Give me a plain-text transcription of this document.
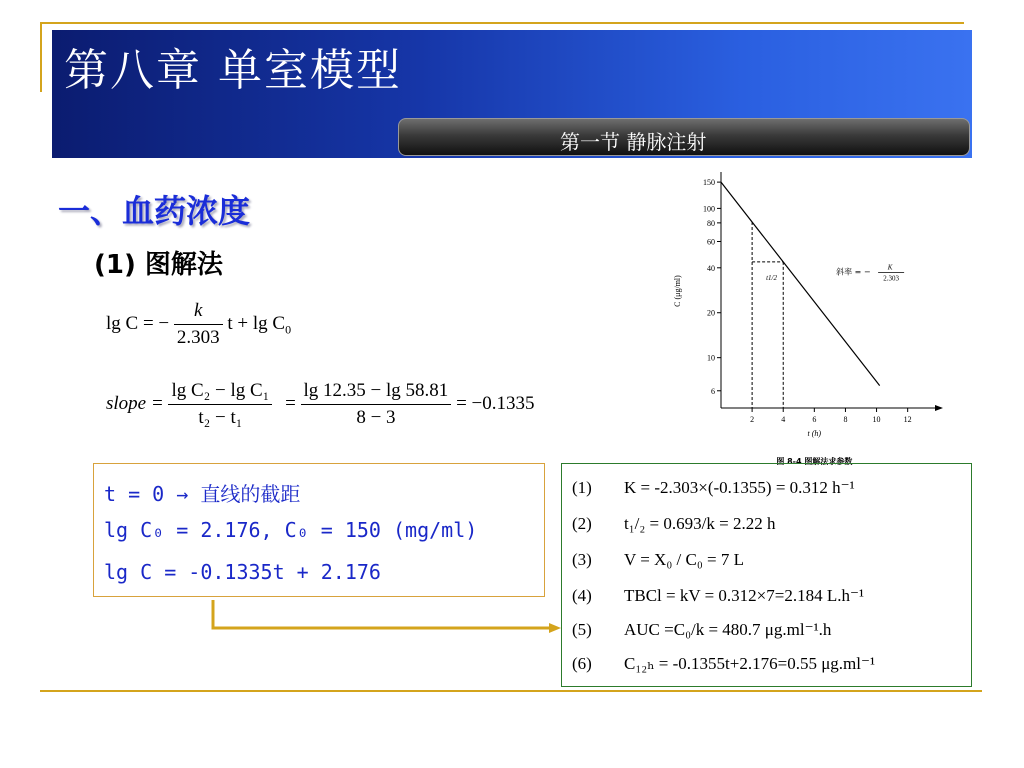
第八章 单室模型
第一节 静脉注射
一、血药浓度
(1) 图解法
lg C = − $\frac{k}{2.303}$ $t + \lg C_0$
slope = $\frac{\text{lg C₂ − lg C₁}}{\text{t₂ − t₁}} = \frac{\lg 12.35 - \lg 58.81}{8 - 3} = -0.1335$
6
10
20
40
60
80
100
150
2	4	6	8	10	12
t (h)
C (μg/ml)	t1/2
斜率 = − K
2.303
图 8-4 图解法求参数
t = 0 → 直线的截距
lg C₀ = 2.176, C₀ = 150 (mg/ml)
lg C = -0.1335t + 2.176
(1) K = -2.303×(-0.1355) = 0.312 h⁻¹
(2) t₁/₂ = 0.693/k = 2.22 h
(3) V = X₀ / C₀ = 7 L
(4) TBCl = kV = 0.312×7=2.184 L.h⁻¹
(5) AUC =C₀/k = 480.7 μg.ml⁻¹.h
(6) C₁₂ₕ = -0.1355t+2.176=0.55 μg.ml⁻¹
